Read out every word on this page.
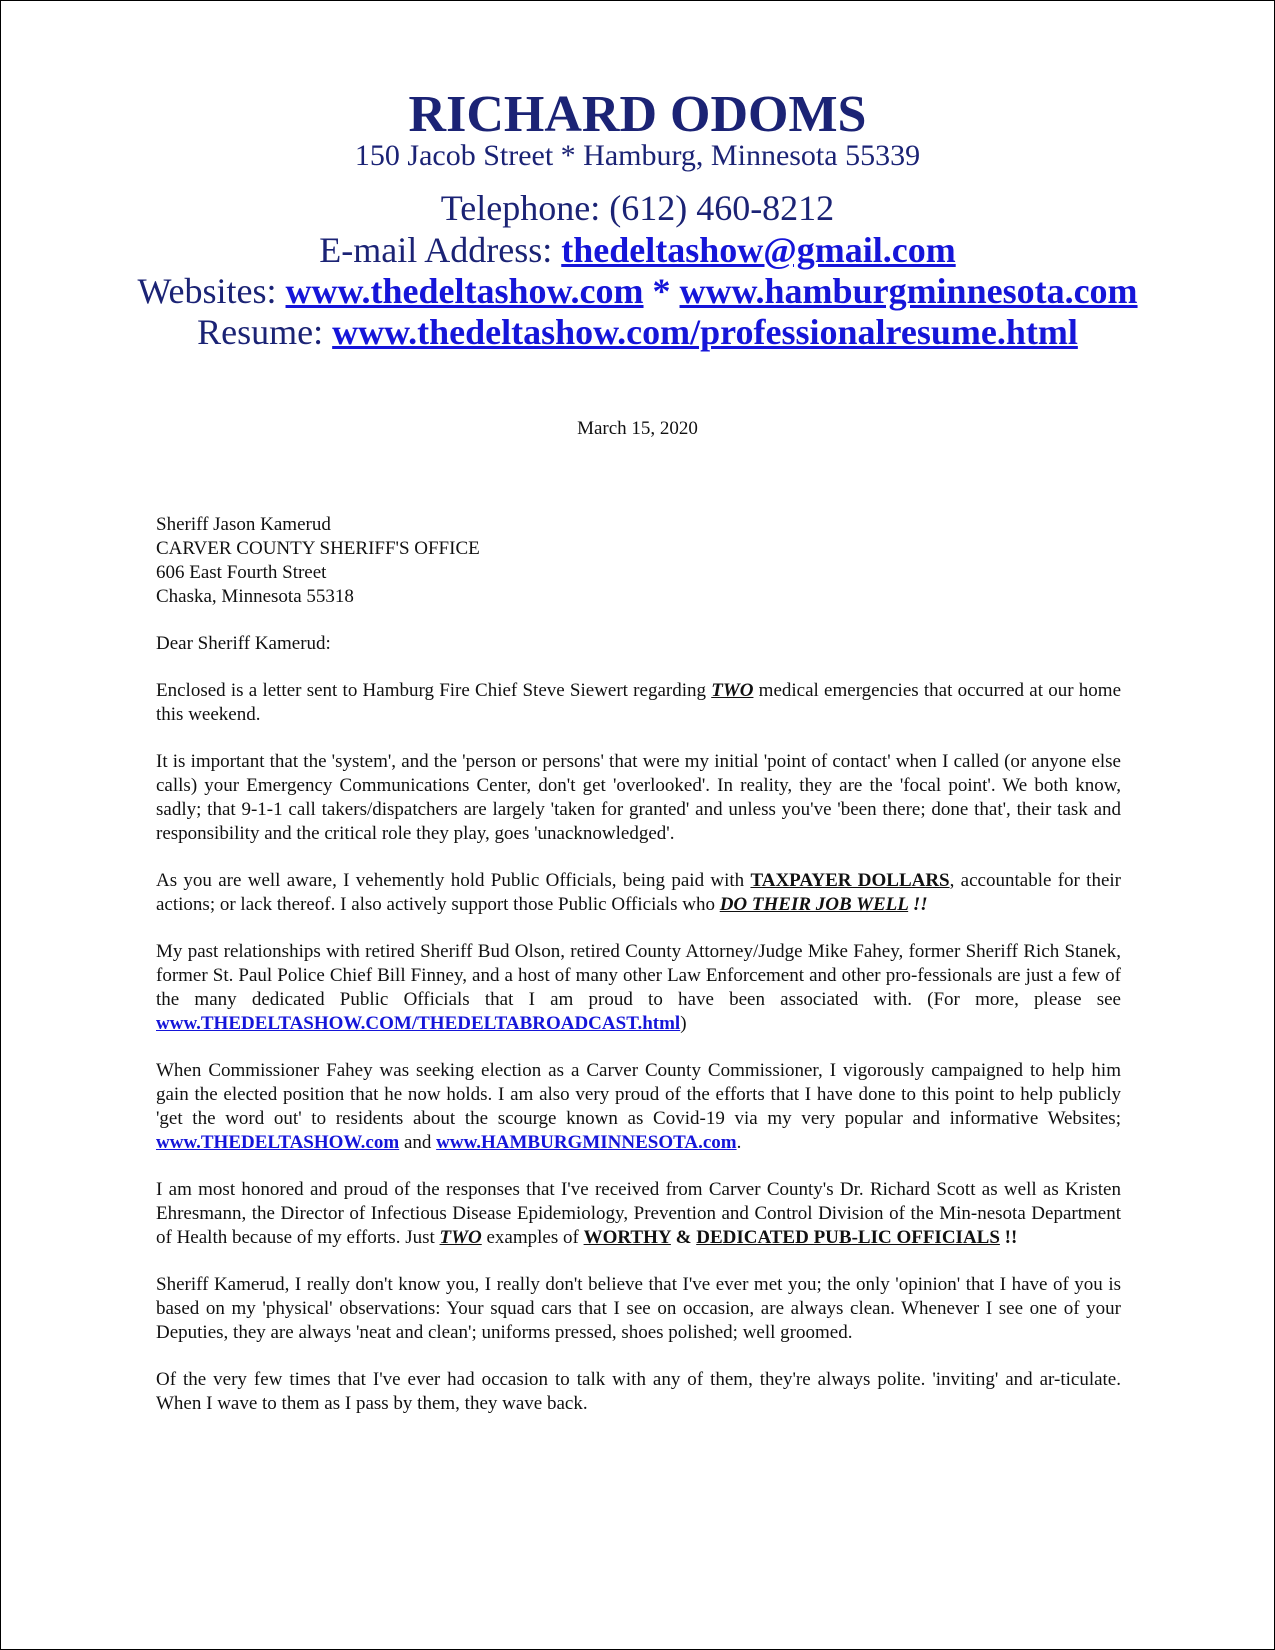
RICHARD ODOMS
150 Jacob Street * Hamburg, Minnesota 55339
Telephone: (612) 460-8212
E-mail Address: thedeltashow@gmail.com
Websites: www.thedeltashow.com * www.hamburgminnesota.com
Resume: www.thedeltashow.com/professionalresume.html
March 15, 2020
Sheriff Jason Kamerud
CARVER COUNTY SHERIFF'S OFFICE
606 East Fourth Street
Chaska, Minnesota 55318

Dear Sheriff Kamerud:

Enclosed is a letter sent to Hamburg Fire Chief Steve Siewert regarding TWO medical emergencies that occurred at our home this weekend.

It is important that the 'system', and the 'person or persons' that were my initial 'point of contact' when I called (or anyone else calls) your Emergency Communications Center, don't get 'overlooked'. In reality, they are the 'focal point'. We both know, sadly; that 9-1-1 call takers/dispatchers are largely 'taken for granted' and unless you've 'been there; done that', their task and responsibility and the critical role they play, goes 'unacknowledged'.

As you are well aware, I vehemently hold Public Officials, being paid with TAXPAYER DOLLARS, accountable for their actions; or lack thereof. I also actively support those Public Officials who DO THEIR JOB WELL !!

My past relationships with retired Sheriff Bud Olson, retired County Attorney/Judge Mike Fahey, former Sheriff Rich Stanek, former St. Paul Police Chief Bill Finney, and a host of many other Law Enforcement and other pro-fessionals are just a few of the many dedicated Public Officials that I am proud to have been associated with. (For more, please see www.THEDELTASHOW.COM/THEDELTABROADCAST.html)

When Commissioner Fahey was seeking election as a Carver County Commissioner, I vigorously campaigned to help him gain the elected position that he now holds. I am also very proud of the efforts that I have done to this point to help publicly 'get the word out' to residents about the scourge known as Covid-19 via my very popular and informative Websites; www.THEDELTASHOW.com and www.HAMBURGMINNESOTA.com.

I am most honored and proud of the responses that I've received from Carver County's Dr. Richard Scott as well as Kristen Ehresmann, the Director of Infectious Disease Epidemiology, Prevention and Control Division of the Min-nesota Department of Health because of my efforts. Just TWO examples of WORTHY & DEDICATED PUB-LIC OFFICIALS !!

Sheriff Kamerud, I really don't know you, I really don't believe that I've ever met you; the only 'opinion' that I have of you is based on my 'physical' observations: Your squad cars that I see on occasion, are always clean. Whenever I see one of your Deputies, they are always 'neat and clean'; uniforms pressed, shoes polished; well groomed.

Of the very few times that I've ever had occasion to talk with any of them, they're always polite. 'inviting' and ar-ticulate. When I wave to them as I pass by them, they wave back.
